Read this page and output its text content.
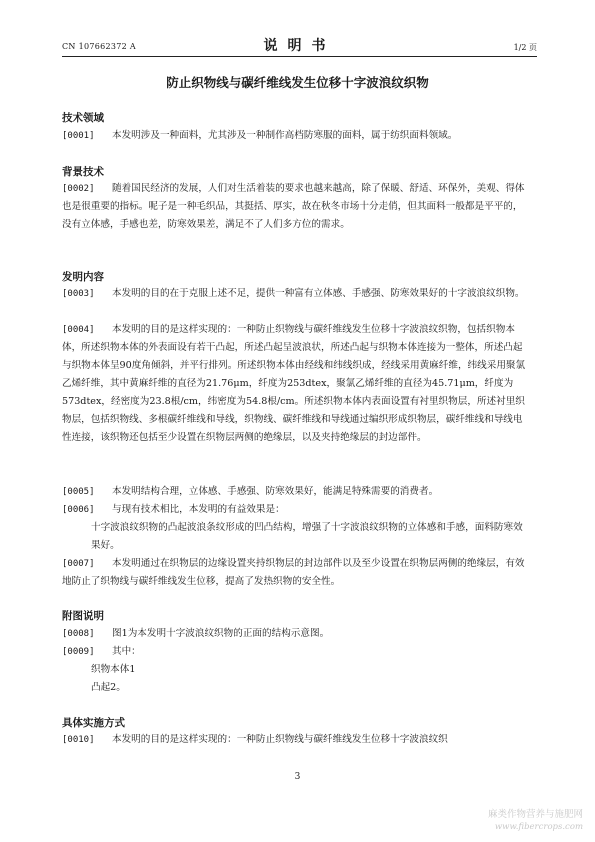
CN 107662372 A	说明书	1/2 页
防止织物线与碳纤维线发生位移十字波浪纹织物
技术领域
[0001] 本发明涉及一种面料，尤其涉及一种制作高档防寒服的面料，属于纺织面料领域。
背景技术
[0002] 随着国民经济的发展，人们对生活着装的要求也越来越高，除了保暖、舒适、环保外，美观、得体也是很重要的指标。呢子是一种毛织品，其挺括、厚实，故在秋冬市场十分走俏，但其面料一般都是平平的，没有立体感，手感也差，防寒效果差，满足不了人们多方位的需求。
发明内容
[0003] 本发明的目的在于克服上述不足，提供一种富有立体感、手感强、防寒效果好的十字波浪纹织物。
[0004] 本发明的目的是这样实现的：一种防止织物线与碳纤维线发生位移十字波浪纹织物，包括织物本体，所述织物本体的外表面设有若干凸起，所述凸起呈波浪状，所述凸起与织物本体连接为一整体，所述凸起与织物本体呈90度角倾斜，并平行排列。所述织物本体由经线和纬线织成，经线采用黄麻纤维，纬线采用聚氯乙烯纤维，其中黄麻纤维的直径为21.76μm，纤度为253dtex，聚氯乙烯纤维的直径为45.71μm，纤度为573dtex，经密度为23.8根/cm，纬密度为54.8根/cm。所述织物本体内表面设置有衬里织物层，所述衬里织物层，包括织物线、多根碳纤维线和导线，织物线、碳纤维线和导线通过编织形成织物层，碳纤维线和导线电性连接，该织物还包括至少设置在织物层两侧的绝缘层，以及夹持绝缘层的封边部件。
[0005] 本发明结构合理，立体感、手感强、防寒效果好，能满足特殊需要的消费者。
[0006] 与现有技术相比，本发明的有益效果是：
十字波浪纹织物的凸起波浪条纹形成的凹凸结构，增强了十字波浪纹织物的立体感和手感，面料防寒效果好。
[0007] 本发明通过在织物层的边缘设置夹持织物层的封边部件以及至少设置在织物层两侧的绝缘层，有效地防止了织物线与碳纤维线发生位移，提高了发热织物的安全性。
附图说明
[0008] 图1为本发明十字波浪纹织物的正面的结构示意图。
[0009] 其中：
织物本体1
凸起2。
具体实施方式
[0010] 本发明的目的是这样实现的：一种防止织物线与碳纤维线发生位移十字波浪纹织
3
麻类作物营养与施肥网
www.fibercrops.com
